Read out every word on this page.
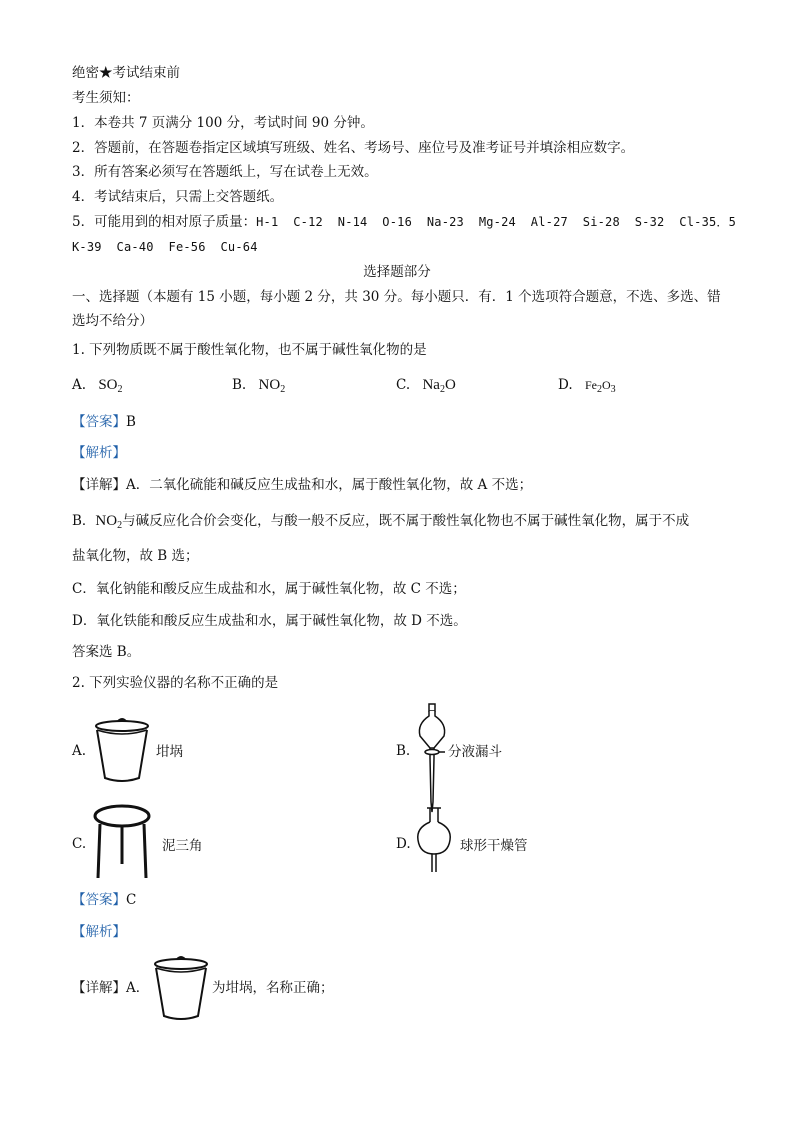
绝密★考试结束前
考生须知：
1．本卷共 7 页满分 100 分，考试时间 90 分钟。
2．答题前，在答题卷指定区域填写班级、姓名、考场号、座位号及准考证号并填涂相应数字。
3．所有答案必须写在答题纸上，写在试卷上无效。
4．考试结束后，只需上交答题纸。
5．可能用到的相对原子质量：H-1  C-12  N-14  O-16  Na-23  Mg-24  Al-27  Si-28  S-32  Cl-35．5
K-39  Ca-40  Fe-56  Cu-64
选择题部分
一、选择题（本题有 15 小题，每小题 2 分，共 30 分。每小题只．有．1 个选项符合题意，不选、多选、错
选均不给分）
1. 下列物质既不属于酸性氧化物，也不属于碱性氧化物的是
A. $SO_2$	B. $NO_2$	C. $Na_2O$	D. $Fe_2O_3$
【答案】B
【解析】
【详解】A．二氧化硫能和碱反应生成盐和水，属于酸性氧化物，故 A 不选；
B．$NO_2$与碱反应化合价会变化，与酸一般不反应，既不属于酸性氧化物也不属于碱性氧化物，属于不成
盐氧化物，故 B 选；
C．氧化钠能和酸反应生成盐和水，属于碱性氧化物，故 C 不选；
D．氧化铁能和酸反应生成盐和水，属于碱性氧化物，故 D 不选。
答案选 B。
2. 下列实验仪器的名称不正确的是
A.	坩埚	B.	分液漏斗
C.	泥三角	D.	球形干燥管
【答案】C
【解析】
【详解】A．	为坩埚，名称正确；
